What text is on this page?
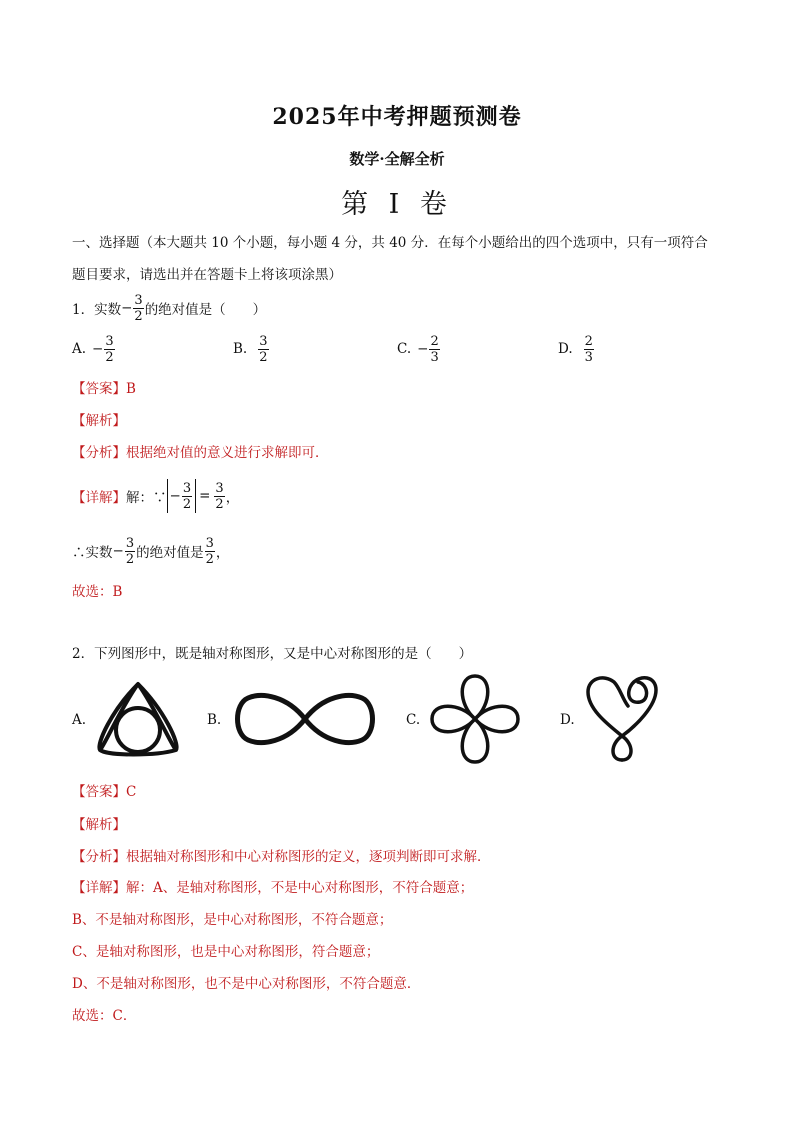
2025年中考押题预测卷
数学·全解全析
第 I 卷
一、选择题（本大题共 10 个小题，每小题 4 分，共 40 分．在每个小题给出的四个选项中，只有一项符合
题目要求，请选出并在答题卡上将该项涂黑）
1．实数 − $\frac{3}{2}$ 的绝对值是（　　）
A. − $\frac{3}{2}$	B. $\frac{3}{2}$	C. − $\frac{2}{3}$	D. $\frac{2}{3}$
【答案】B
【解析】
【分析】根据绝对值的意义进行求解即可．
【详解】 解：∵ − $\frac{3}{2} = \frac{3}{2}$ ，
∴实数 − $\frac{3}{2}$ 的绝对值是 $\frac{3}{2}$ ，
故选：B
2．下列图形中，既是轴对称图形，又是中心对称图形的是（　　）
A.	B.	C.	D.
【答案】C
【解析】
【分析】根据轴对称图形和中心对称图形的定义，逐项判断即可求解．
【详解】解：A、是轴对称图形，不是中心对称图形，不符合题意；
B、不是轴对称图形，是中心对称图形，不符合题意；
C、是轴对称图形，也是中心对称图形，符合题意；
D、不是轴对称图形，也不是中心对称图形，不符合题意．
故选：C．
